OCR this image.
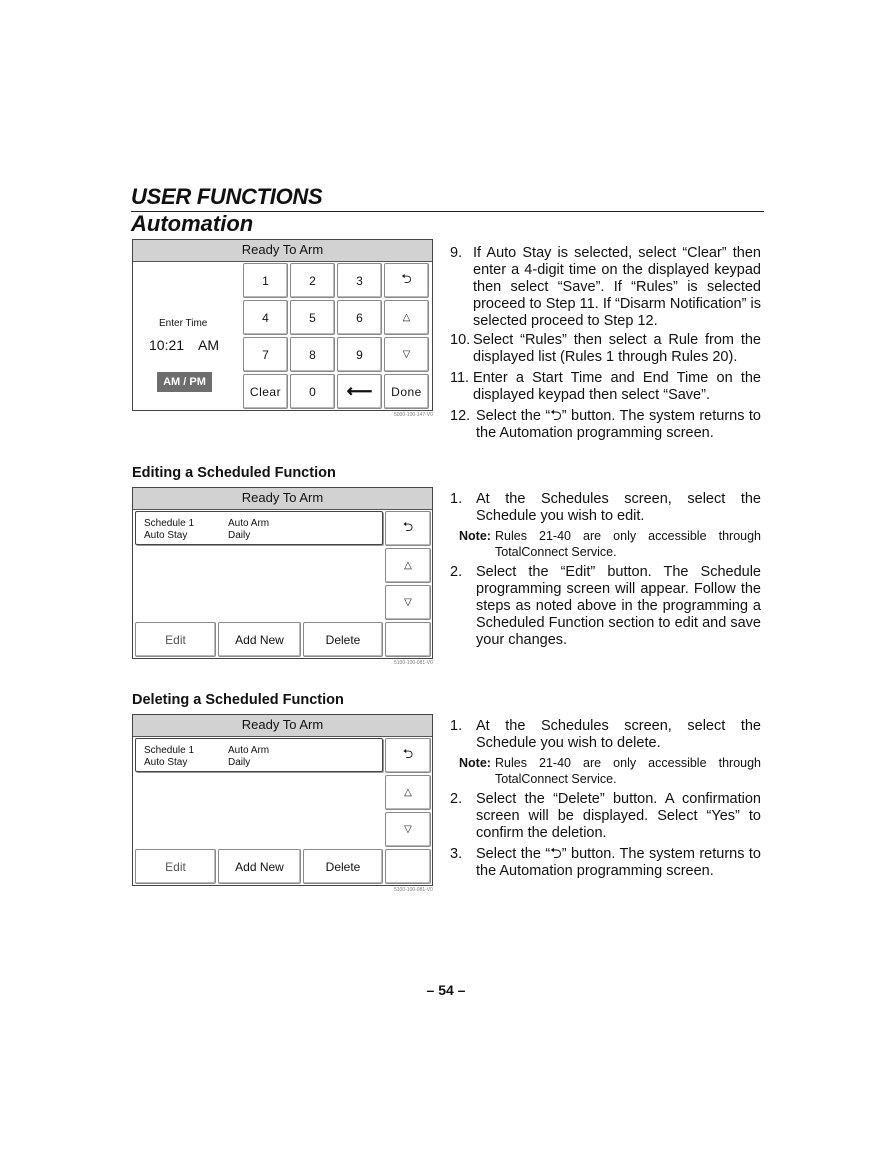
USER FUNCTIONS
Automation
Ready To Arm
Enter Time
10:21 AM
AM / PM
1	2	3	⮌
4	5	6	△
7	8	9	▽
Clear	0	⟵	Done
5000-100-147-V0
9. If Auto Stay is selected, select “Clear” then enter a 4-digit time on the displayed keypad then select “Save”. If “Rules” is selected proceed to Step 11. If “Disarm Notification” is selected proceed to Step 12.
10. Select “Rules” then select a Rule from the displayed list (Rules 1 through Rules 20).
11. Enter a Start Time and End Time on the displayed keypad then select “Save”.
12. Select the “⮌” button. The system returns to the Automation programming screen.
Editing a Scheduled Function
Ready To Arm
Schedule 1	Auto Arm
Auto Stay	Daily
⮌
△
▽
Edit	Add New	Delete
5100-100-081-V0
1. At the Schedules screen, select the Schedule you wish to edit.
Note: Rules 21-40 are only accessible through TotalConnect Service.
2. Select the “Edit” button. The Schedule programming screen will appear. Follow the steps as noted above in the programming a Scheduled Function section to edit and save your changes.
Deleting a Scheduled Function
Ready To Arm
Schedule 1	Auto Arm
Auto Stay	Daily
⮌
△
▽
Edit	Add New	Delete
5100-100-081-V0
1. At the Schedules screen, select the Schedule you wish to delete.
Note: Rules 21-40 are only accessible through TotalConnect Service.
2. Select the “Delete” button. A confirmation screen will be displayed. Select “Yes” to confirm the deletion.
3. Select the “⮌” button. The system returns to the Automation programming screen.
– 54 –
